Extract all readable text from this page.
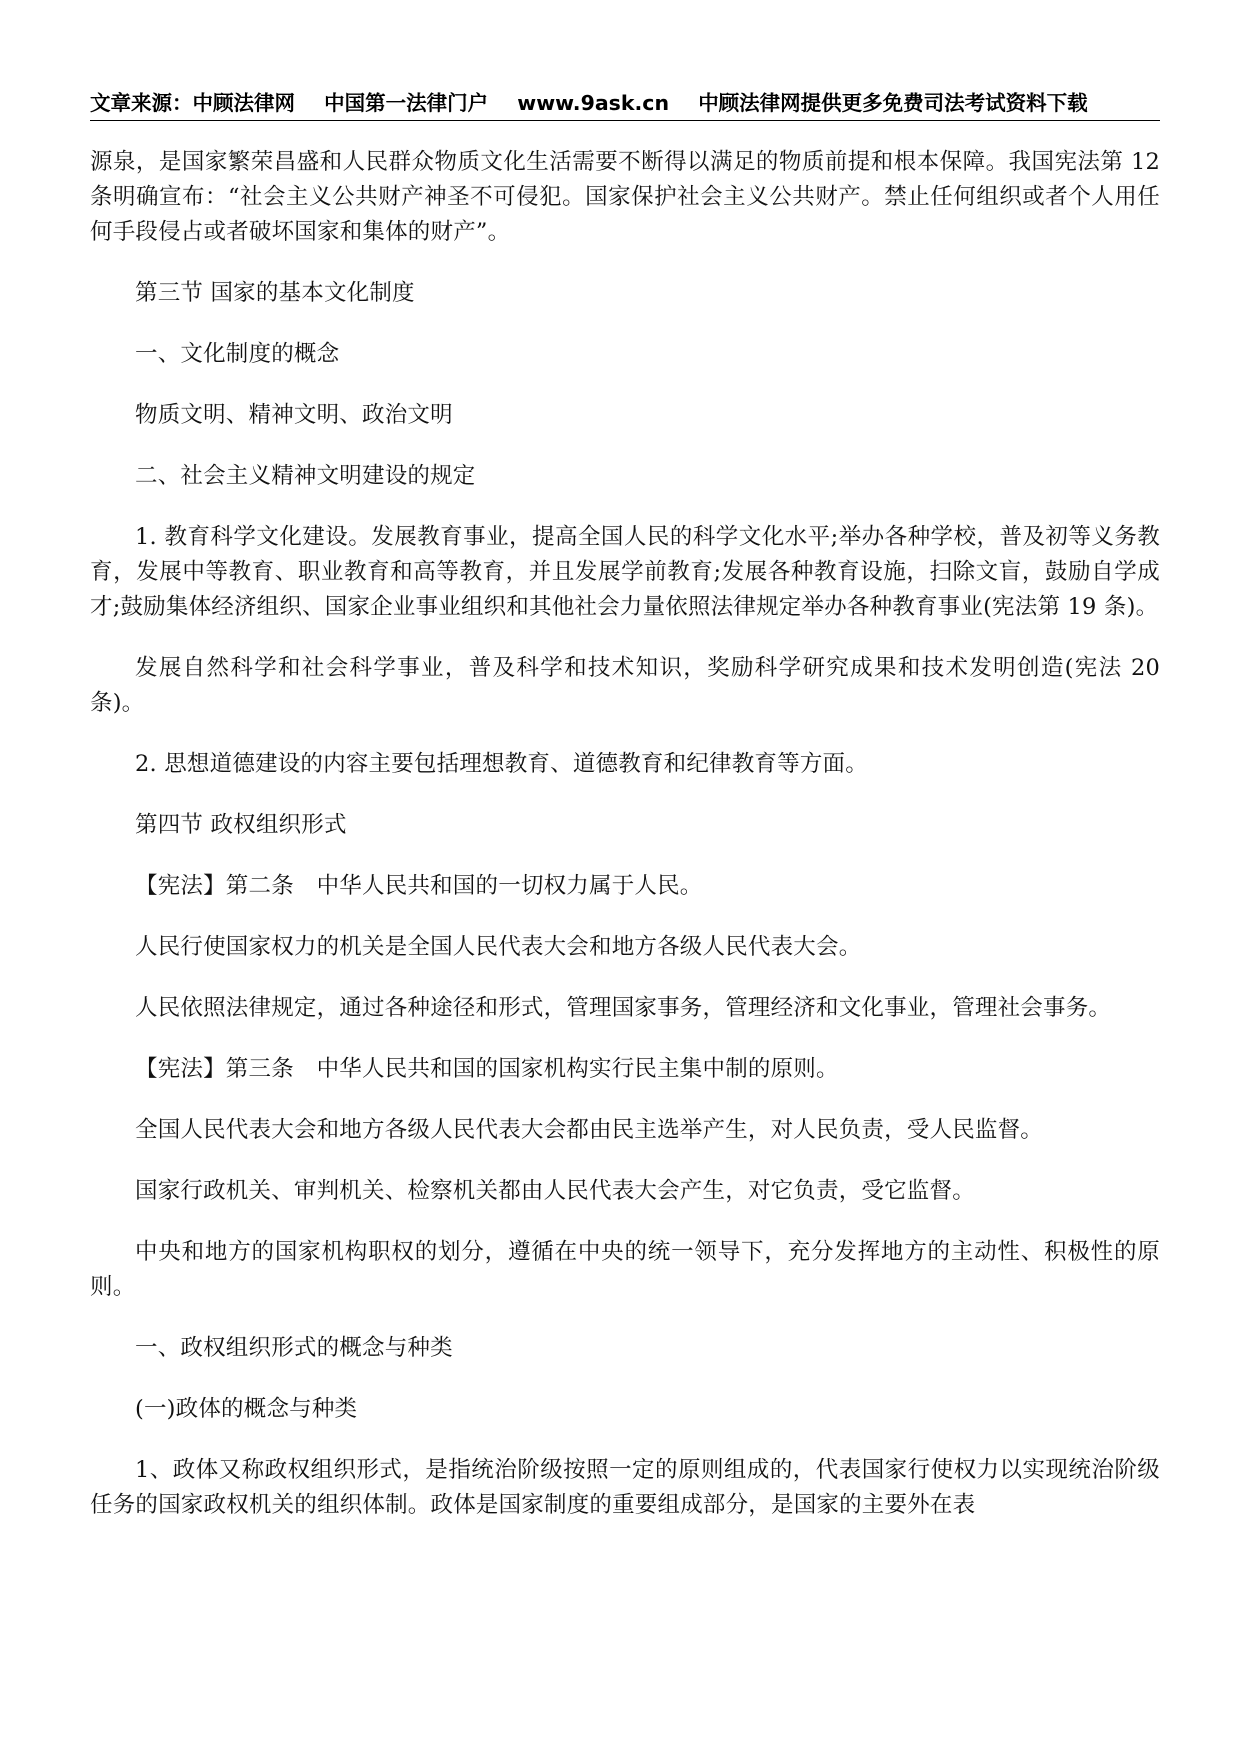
文章来源：中顾法律网 中国第一法律门户 www.9ask.cn 中顾法律网提供更多免费司法考试资料下载

源泉，是国家繁荣昌盛和人民群众物质文化生活需要不断得以满足的物质前提和根本保障。我国宪法第 12 条明确宣布：“社会主义公共财产神圣不可侵犯。国家保护社会主义公共财产。禁止任何组织或者个人用任何手段侵占或者破坏国家和集体的财产”。

第三节 国家的基本文化制度

一、文化制度的概念

物质文明、精神文明、政治文明

二、社会主义精神文明建设的规定

1. 教育科学文化建设。发展教育事业，提高全国人民的科学文化水平;举办各种学校，普及初等义务教育，发展中等教育、职业教育和高等教育，并且发展学前教育;发展各种教育设施，扫除文盲，鼓励自学成才;鼓励集体经济组织、国家企业事业组织和其他社会力量依照法律规定举办各种教育事业(宪法第 19 条)。

发展自然科学和社会科学事业，普及科学和技术知识，奖励科学研究成果和技术发明创造(宪法 20 条)。

2. 思想道德建设的内容主要包括理想教育、道德教育和纪律教育等方面。

第四节 政权组织形式

【宪法】第二条　中华人民共和国的一切权力属于人民。

人民行使国家权力的机关是全国人民代表大会和地方各级人民代表大会。

人民依照法律规定，通过各种途径和形式，管理国家事务，管理经济和文化事业，管理社会事务。

【宪法】第三条　中华人民共和国的国家机构实行民主集中制的原则。

全国人民代表大会和地方各级人民代表大会都由民主选举产生，对人民负责，受人民监督。

国家行政机关、审判机关、检察机关都由人民代表大会产生，对它负责，受它监督。

中央和地方的国家机构职权的划分，遵循在中央的统一领导下，充分发挥地方的主动性、积极性的原则。

一、政权组织形式的概念与种类

(一)政体的概念与种类

1、政体又称政权组织形式，是指统治阶级按照一定的原则组成的，代表国家行使权力以实现统治阶级任务的国家政权机关的组织体制。政体是国家制度的重要组成部分，是国家的主要外在表
